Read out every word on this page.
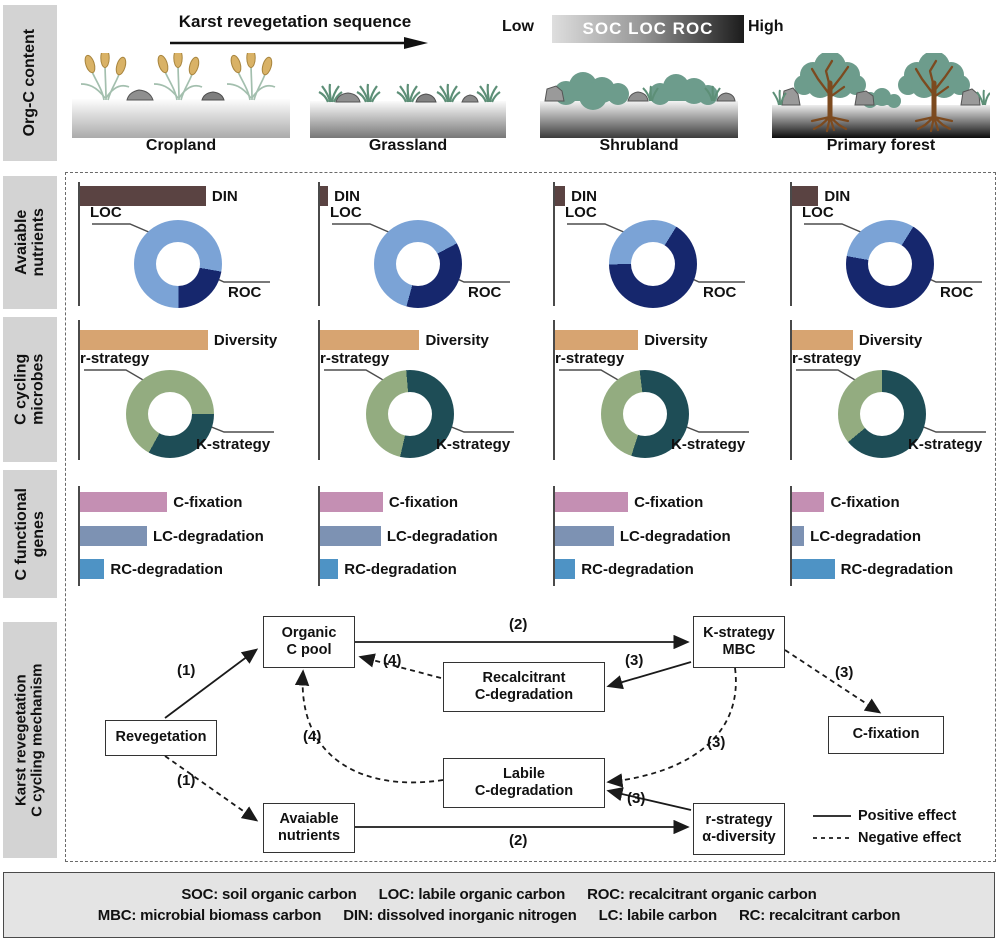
Org-C content
Avaiable nutrients
C cycling microbes
C functional genes
Karst revegetation C cycling mechanism
Karst revegetation sequence	Low	SOC LOC ROC High
Cropland	Grassland	Shrubland	Primary forest
DIN
LOC
ROC
DIN
LOC
ROC
DIN
LOC
ROC
DIN
LOC
ROC
Diversity
r-strategy
K-strategy
Diversity
r-strategy
K-strategy
Diversity
r-strategy
K-strategy
Diversity
r-strategy
K-strategy
C-fixation
LC-degradation
RC-degradation
C-fixation
LC-degradation
RC-degradation
C-fixation
LC-degradation
RC-degradation
C-fixation
LC-degradation
RC-degradation
Revegetation
Organic
C pool
Avaiable
nutrients
Recalcitrant
C-degradation
Labile
C-degradation
K-strategy
MBC
C-fixation
r-strategy
α-diversity
(1)
(1)
(2)
(2)
(4)
(4)
(3)
(3)
(3)
(3)
Positive effect
Negative effect
SOC: soil organic carbon LOC: labile organic carbon ROC: recalcitrant organic carbon
MBC: microbial biomass carbon DIN: dissolved inorganic nitrogen LC: labile carbon RC: recalcitrant carbon
